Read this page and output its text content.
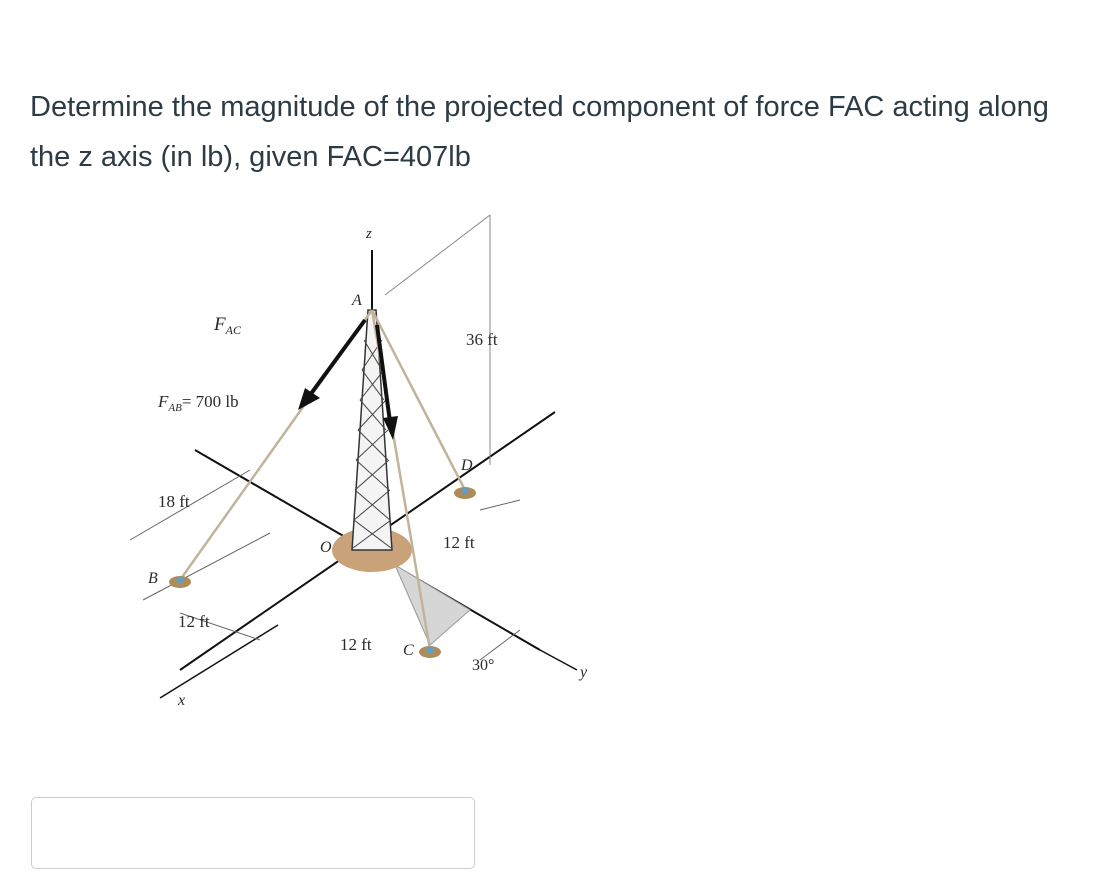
Determine the magnitude of the projected component of force FAC acting along the z axis (in lb), given FAC=407lb

z
A
$F_{AC}$
$F_{AB}= 700$ lb
36 ft
D
18 ft
O	12 ft
B
12 ft
12 ft C
30°
x
y
